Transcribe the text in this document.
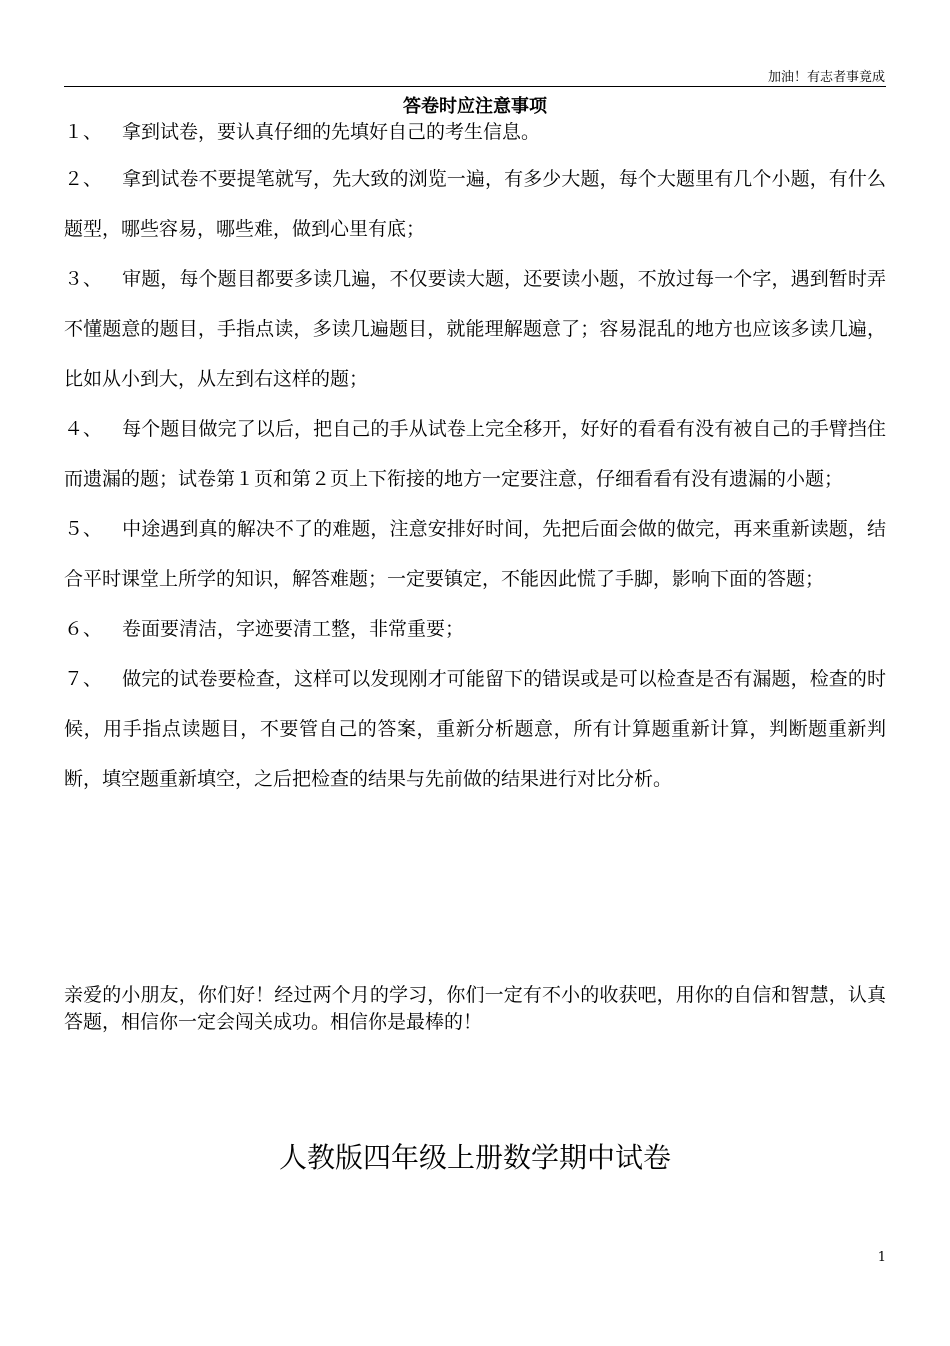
加油！有志者事竟成
答卷时应注意事项

１、 拿到试卷，要认真仔细的先填好自己的考生信息。

２、 拿到试卷不要提笔就写，先大致的浏览一遍，有多少大题，每个大题里有几个小题，有什么题型，哪些容易，哪些难，做到心里有底；

３、 审题，每个题目都要多读几遍，不仅要读大题，还要读小题，不放过每一个字，遇到暂时弄不懂题意的题目，手指点读，多读几遍题目，就能理解题意了；容易混乱的地方也应该多读几遍，比如从小到大，从左到右这样的题；

４、 每个题目做完了以后，把自己的手从试卷上完全移开，好好的看看有没有被自己的手臂挡住而遗漏的题；试卷第１页和第２页上下衔接的地方一定要注意，仔细看看有没有遗漏的小题；

５、 中途遇到真的解决不了的难题，注意安排好时间，先把后面会做的做完，再来重新读题，结合平时课堂上所学的知识，解答难题；一定要镇定，不能因此慌了手脚，影响下面的答题；

６、 卷面要清洁，字迹要清工整，非常重要；

７、 做完的试卷要检查，这样可以发现刚才可能留下的错误或是可以检查是否有漏题，检查的时候，用手指点读题目，不要管自己的答案，重新分析题意，所有计算题重新计算，判断题重新判断，填空题重新填空，之后把检查的结果与先前做的结果进行对比分析。

亲爱的小朋友，你们好！经过两个月的学习，你们一定有不小的收获吧，用你的自信和智慧，认真答题，相信你一定会闯关成功。相信你是最棒的！
人教版四年级上册数学期中试卷
1
